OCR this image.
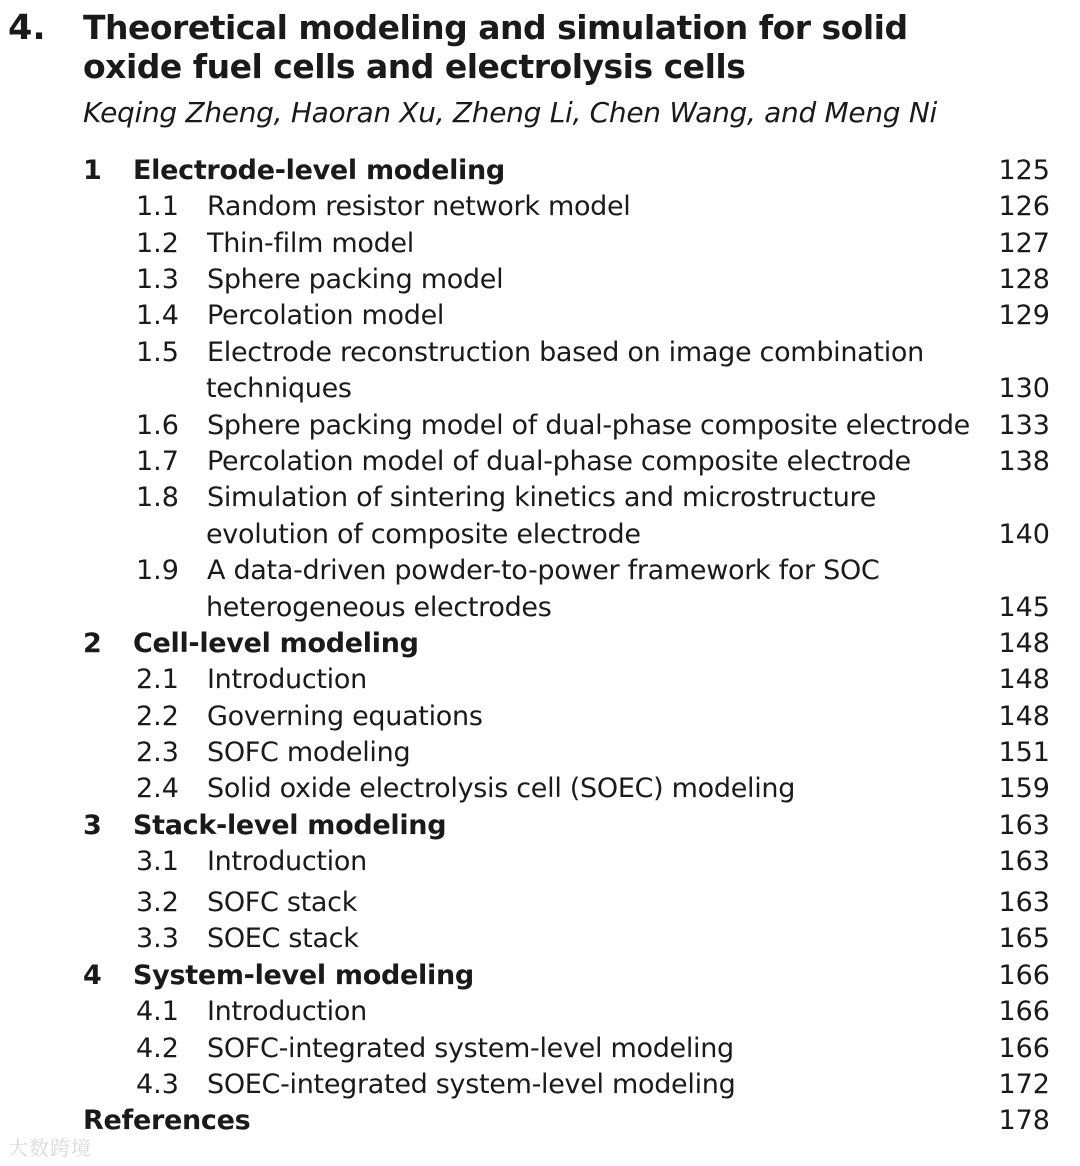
4. Theoretical modeling and simulation for solid
oxide fuel cells and electrolysis cells
Keqing Zheng, Haoran Xu, Zheng Li, Chen Wang, and Meng Ni
1 Electrode-level modeling	125
1.1 Random resistor network model	126
1.2 Thin-film model	127
1.3 Sphere packing model	128
1.4 Percolation model	129
1.5 Electrode reconstruction based on image combination
techniques	130
1.6 Sphere packing model of dual-phase composite electrode 133
1.7 Percolation model of dual-phase composite electrode	138
1.8 Simulation of sintering kinetics and microstructure
evolution of composite electrode	140
1.9 A data-driven powder-to-power framework for SOC
heterogeneous electrodes	145
2 Cell-level modeling	148
2.1 Introduction	148
2.2 Governing equations	148
2.3 SOFC modeling	151
2.4 Solid oxide electrolysis cell (SOEC) modeling	159
3 Stack-level modeling	163
3.1 Introduction	163
3.2 SOFC stack	163
3.3 SOEC stack	165
4 System-level modeling	166
4.1 Introduction	166
4.2 SOFC-integrated system-level modeling	166
4.3 SOEC-integrated system-level modeling	172
References	178
大数跨境
